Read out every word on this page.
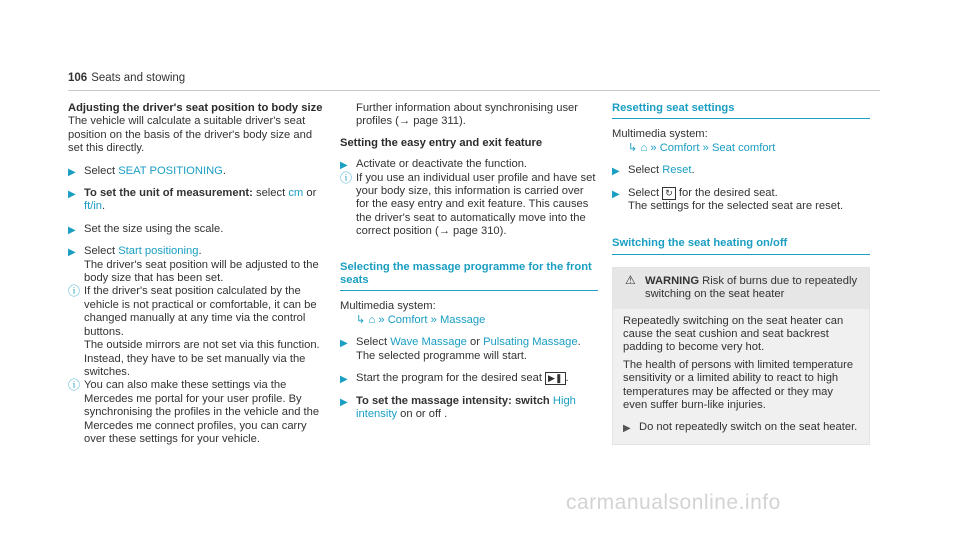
106 Seats and stowing

Adjusting the driver's seat position to body size

The vehicle will calculate a suitable driver's seat position on the basis of the driver's body size and set this directly.

▶ Select SEAT POSITIONING.
▶ To set the unit of measurement: select cm or ft/in.
▶ Set the size using the scale.
▶ Select Start positioning.

The driver's seat position will be adjusted to the body size that has been set.

ⓘ If the driver's seat position calculated by the vehicle is not practical or comfortable, it can be changed manually at any time via the control buttons.

The outside mirrors are not set via this function. Instead, they have to be set manually via the switches.

ⓘ You can also make these settings via the Mercedes me portal for your user profile. By synchronising the profiles in the vehicle and the Mercedes me connect profiles, you can carry over these settings for your vehicle.

Further information about synchronising user profiles (→ page 311).

Setting the easy entry and exit feature

▶ Activate or deactivate the function.
ⓘ If you use an individual user profile and have set your body size, this information is carried over for the easy entry and exit feature. This causes the driver's seat to automatically move into the correct position (→ page 310).

Selecting the massage programme for the front seats

Multimedia system:

↳ ⌂ » Comfort » Massage

▶ Select Wave Massage or Pulsating Massage.

The selected programme will start.

▶ Start the program for the desired seat ▶❚ .
▶ To set the massage intensity: switch High intensity on or off .

Resetting seat settings

Multimedia system:

↳ ⌂ » Comfort » Seat comfort

▶ Select Reset.
▶ Select ↻ for the desired seat.

The settings for the selected seat are reset.

Switching the seat heating on/off

⚠ WARNING Risk of burns due to repeatedly switching on the seat heater

Repeatedly switching on the seat heater can cause the seat cushion and seat backrest padding to become very hot.

The health of persons with limited temperature sensitivity or a limited ability to react to high temperatures may be affected or they may even suffer burn-like injuries.

▶ Do not repeatedly switch on the seat heater.
carmanualsonline.info
